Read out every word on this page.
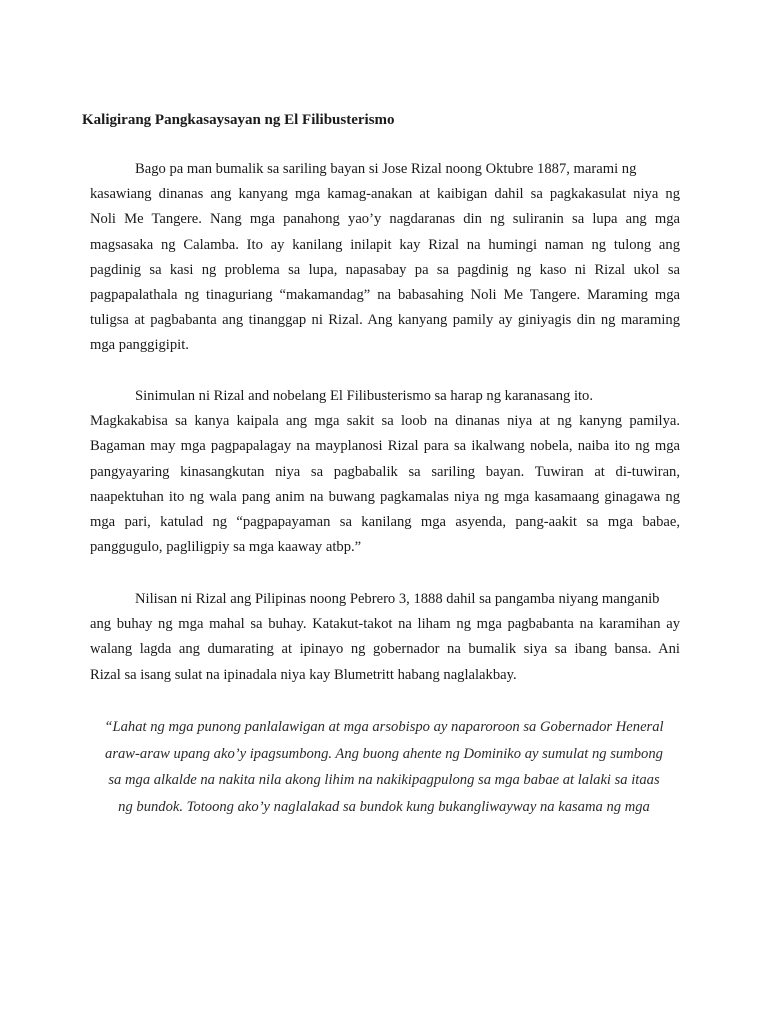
Kaligirang Pangkasaysayan ng El Filibusterismo
Bago pa man bumalik sa sariling bayan si Jose Rizal noong Oktubre 1887, marami ng
kasawiang dinanas ang kanyang mga kamag-anakan at kaibigan dahil sa pagkakasulat niya ng
Noli Me Tangere. Nang mga panahong yao’y nagdaranas din ng suliranin sa lupa ang mga
magsasaka ng Calamba. Ito ay kanilang inilapit kay Rizal na humingi naman ng tulong ang
pagdinig sa kasi ng problema sa lupa, napasabay pa sa pagdinig ng kaso ni Rizal ukol sa
pagpapalathala ng tinaguriang “makamandag” na babasahing Noli Me Tangere. Maraming mga
tuligsa at pagbabanta ang tinanggap ni Rizal. Ang kanyang pamily ay giniyagis din ng maraming
mga panggigipit.
Sinimulan ni Rizal and nobelang El Filibusterismo sa harap ng karanasang ito.
Magkakabisa sa kanya kaipala ang mga sakit sa loob na dinanas niya at ng kanyng pamilya.
Bagaman may mga pagpapalagay na mayplanosi Rizal para sa ikalwang nobela, naiba ito ng mga
pangyayaring kinasangkutan niya sa pagbabalik sa sariling bayan. Tuwiran at di-tuwiran,
naapektuhan ito ng wala pang anim na buwang pagkamalas niya ng mga kasamaang ginagawa ng
mga pari, katulad ng “pagpapayaman sa kanilang mga asyenda, pang-aakit sa mga babae,
panggugulo, pagliligpiy sa mga kaaway atbp.”
Nilisan ni Rizal ang Pilipinas noong Pebrero 3, 1888 dahil sa pangamba niyang manganib
ang buhay ng mga mahal sa buhay. Katakut-takot na liham ng mga pagbabanta na karamihan ay
walang lagda ang dumarating at ipinayo ng gobernador na bumalik siya sa ibang bansa. Ani
Rizal sa isang sulat na ipinadala niya kay Blumetritt habang naglalakbay.
“Lahat ng mga punong panlalawigan at mga arsobispo ay naparoroon sa Gobernador Heneral
araw-araw upang ako’y ipagsumbong. Ang buong ahente ng Dominiko ay sumulat ng sumbong
sa mga alkalde na nakita nila akong lihim na nakikipagpulong sa mga babae at lalaki sa itaas
ng bundok. Totoong ako’y naglalakad sa bundok kung bukangliwayway na kasama ng mga
